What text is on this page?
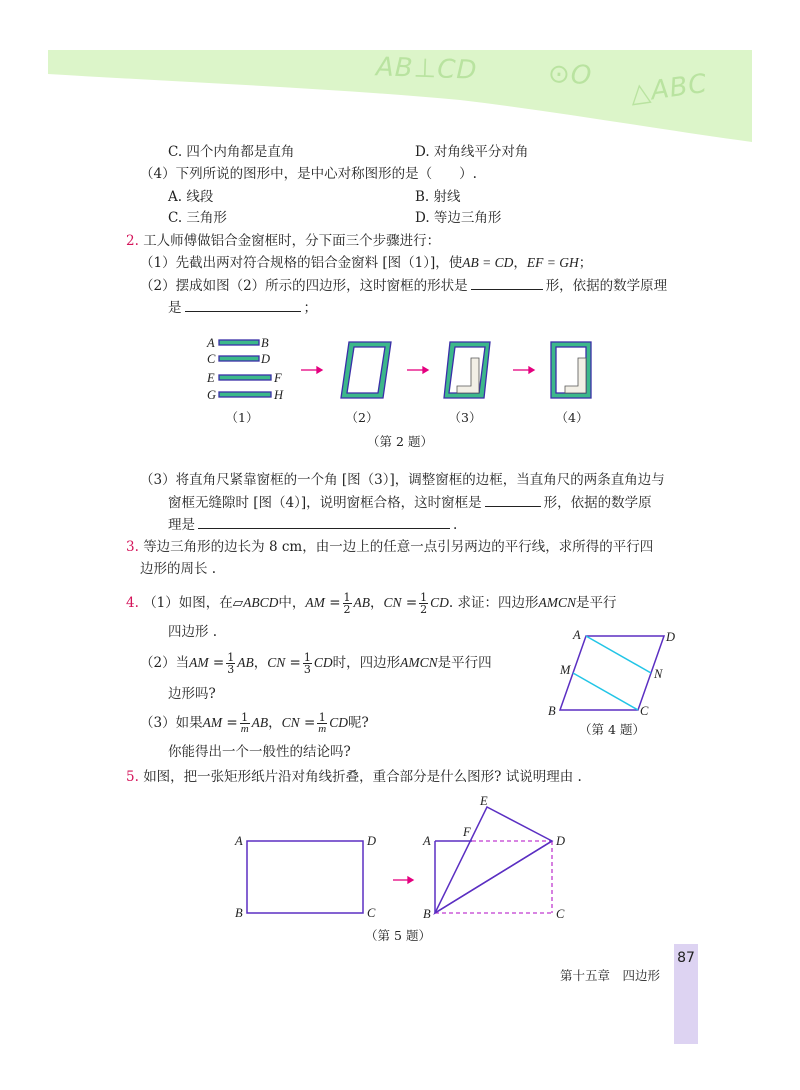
AB⊥CD	⊙O △ABC
C. 四个内角都是直角	D. 对角线平分对角
（4）下列所说的图形中，是中心对称图形的是（　　）.
A. 线段	B. 射线
C. 三角形	D. 等边三角形
2. 工人师傅做铝合金窗框时，分下面三个步骤进行：
（1）先截出两对符合规格的铝合金窗料 [图（1）]，使AB = CD，EF = GH；
（2）摆成如图（2）所示的四边形，这时窗框的形状是	形，依据的数学原理
是	；
A	B
C	D
E	F
G	H
（1）	（2）	（3）	（4）
（第 2 题）
（3）将直角尺紧靠窗框的一个角 [图（3）]，调整窗框的边框，当直角尺的两条直角边与
窗框无缝隙时 [图（4）]，说明窗框合格，这时窗框是	形，依据的数学原
理是	.
3. 等边三角形的边长为 8 cm，由一边上的任意一点引另两边的平行线，求所得的平行四
边形的周长 .
4. （1）如图，在▱ABCD中，AM = $\frac{1}{2}$ AB，CN = $\frac{1}{2}$ CD. 求证：四边形AMCN是平行
四边形 .
（2）当AM = $\frac{1}{3}$ AB，CN = $\frac{1}{3}$ CD时，四边形AMCN是平行四
边形吗?
（3）如果AM = $\frac{1}{m}$ AB，CN = $\frac{1}{m}$ CD呢?
你能得出一个一般性的结论吗?
A	D
M	N
B	C
（第 4 题）
5. 如图，把一张矩形纸片沿对角线折叠，重合部分是什么图形? 试说明理由 .
A	D
B	C
E
F
A	D
B	C
（第 5 题）
第十五章　四边形
87
